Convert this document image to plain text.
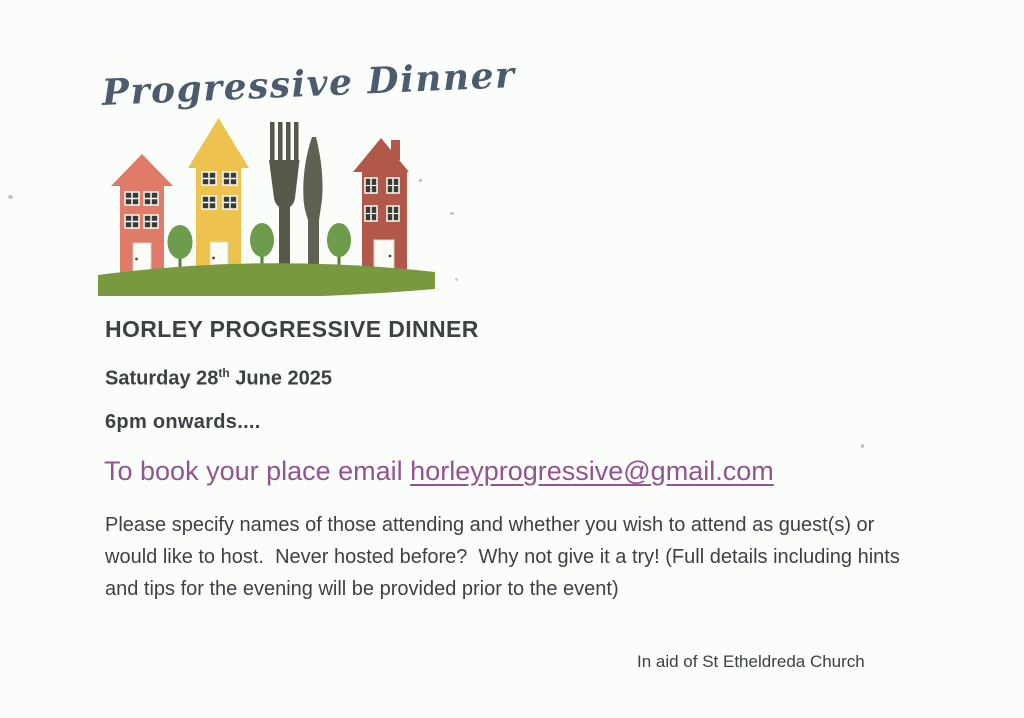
Progressive Dinner
HORLEY PROGRESSIVE DINNER

Saturday 28th June 2025

6pm onwards....

To book your place email horleyprogressive@gmail.com

Please specify names of those attending and whether you wish to attend as guest(s) or would like to host.  Never hosted before?  Why not give it a try! (Full details including hints and tips for the evening will be provided prior to the event)

In aid of St Etheldreda Church
